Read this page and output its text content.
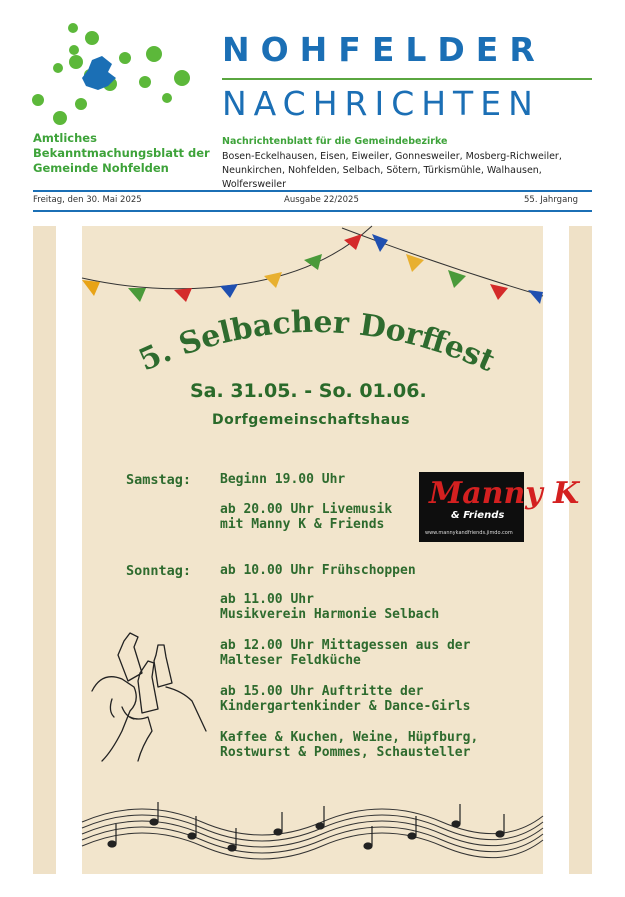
Amtliches
Bekanntmachungsblatt der
Gemeinde Nohfelden
NOHFELDER
NACHRICHTEN
Nachrichtenblatt für die Gemeindebezirke
Bosen-Eckelhausen, Eisen, Eiweiler, Gonnesweiler, Mosberg-Richweiler, Neunkirchen, Nohfelden, Selbach, Sötern, Türkismühle, Walhausen, Wolfersweiler
Freitag, den 30. Mai 2025	Ausgabe 22/2025	55. Jahrgang
5. Selbacher Dorffest
Sa. 31.05. - So. 01.06.
Dorfgemeinschaftshaus
Samstag: Beginn 19.00 Uhr
ab 20.00 Uhr Livemusik
mit Manny K & Friends
Manny K
& Friends
www.mannykandfriends.jimdo.com
Sonntag: ab 10.00 Uhr Frühschoppen
ab 11.00 Uhr
Musikverein Harmonie Selbach
ab 12.00 Uhr Mittagessen aus der
Malteser Feldküche
ab 15.00 Uhr Auftritte der
Kindergartenkinder & Dance-Girls
Kaffee & Kuchen, Weine, Hüpfburg,
Rostwurst & Pommes, Schausteller
